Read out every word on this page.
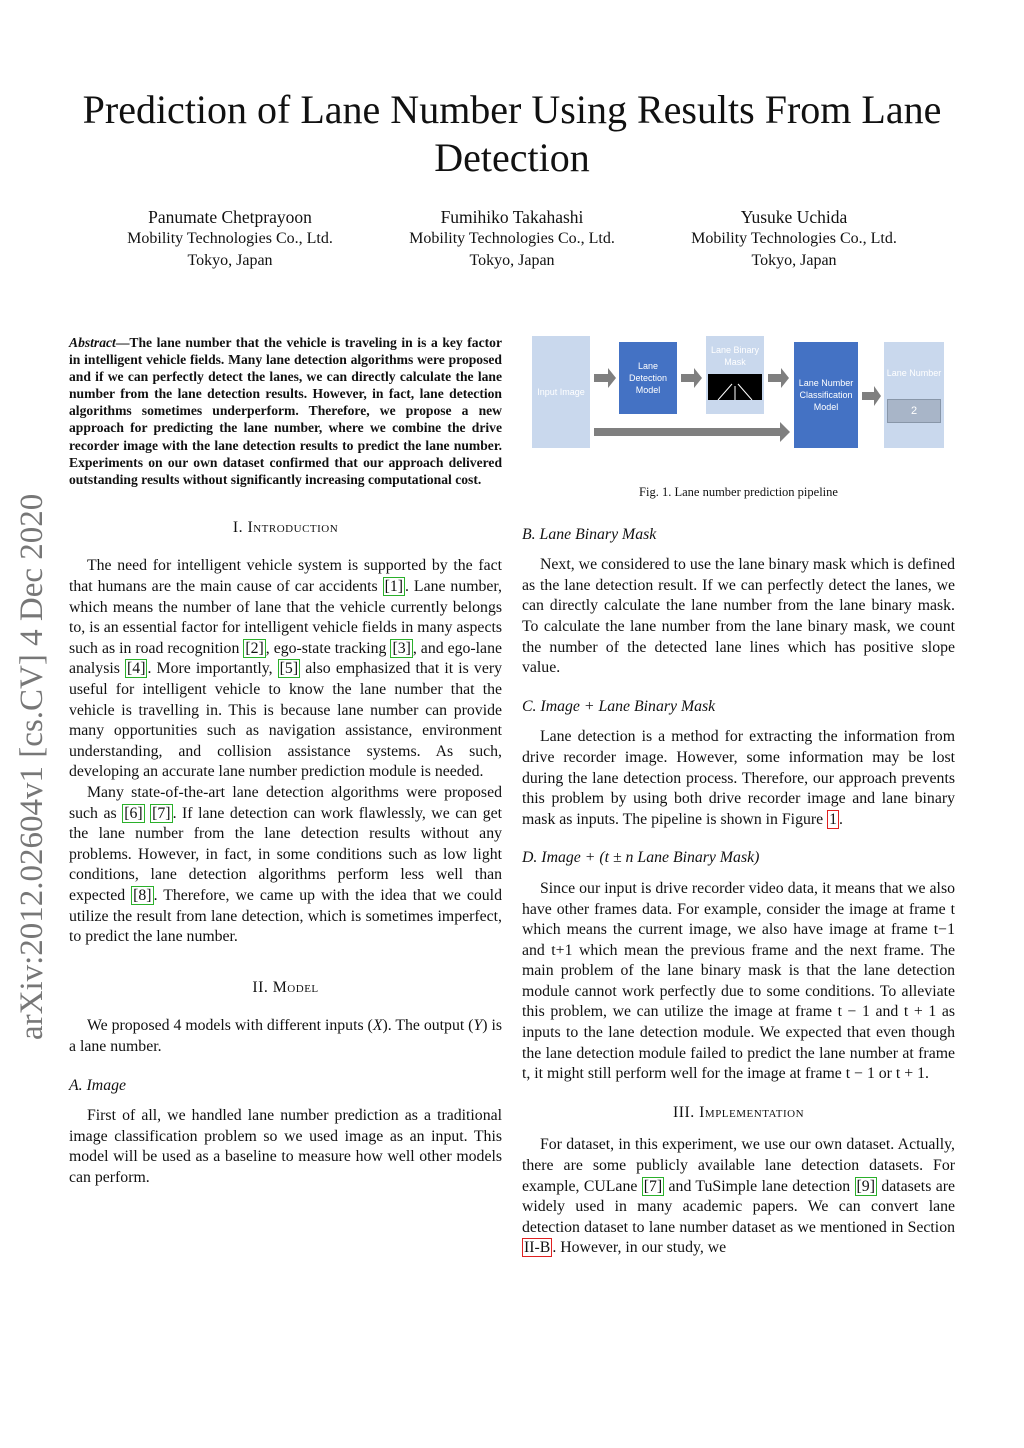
Prediction of Lane Number Using Results From Lane Detection
Panumate Chetprayoon
Mobility Technologies Co., Ltd.
Tokyo, Japan
Fumihiko Takahashi
Mobility Technologies Co., Ltd.
Tokyo, Japan
Yusuke Uchida
Mobility Technologies Co., Ltd.
Tokyo, Japan
arXiv:2012.02604v1 [cs.CV] 4 Dec 2020
Abstract—The lane number that the vehicle is traveling in is a key factor in intelligent vehicle fields. Many lane detection algorithms were proposed and if we can perfectly detect the lanes, we can directly calculate the lane number from the lane detection results. However, in fact, lane detection algorithms sometimes underperform. Therefore, we propose a new approach for predicting the lane number, where we combine the drive recorder image with the lane detection results to predict the lane number. Experiments on our own dataset confirmed that our approach delivered outstanding results without significantly increasing computational cost.
I. Introduction

The need for intelligent vehicle system is supported by the fact that humans are the main cause of car accidents [1] . Lane number, which means the number of lane that the vehicle currently belongs to, is an essential factor for intelligent vehicle fields in many aspects such as in road recognition [2] , ego-state tracking [3] , and ego-lane analysis [4] . More importantly, [5] also emphasized that it is very useful for intelligent vehicle to know the lane number that the vehicle is travelling in. This is because lane number can provide many opportunities such as navigation assistance, environment understanding, and collision assistance systems. As such, developing an accurate lane number prediction module is needed.

Many state-of-the-art lane detection algorithms were proposed such as [6] [7] . If lane detection can work flawlessly, we can get the lane number from the lane detection results without any problems. However, in fact, in some conditions such as low light conditions, lane detection algorithms perform less well than expected [8] . Therefore, we came up with the idea that we could utilize the result from lane detection, which is sometimes imperfect, to predict the lane number.

II. Model

We proposed 4 models with different inputs (X). The output (Y) is a lane number.

A. Image

First of all, we handled lane number prediction as a traditional image classification problem so we used image as an input. This model will be used as a baseline to measure how well other models can perform.

Input Image
Lane Detection Model
Lane Binary Mask
Lane Number Classification Model
Lane Number
2
Fig. 1. Lane number prediction pipeline
B. Lane Binary Mask

Next, we considered to use the lane binary mask which is defined as the lane detection result. If we can perfectly detect the lanes, we can directly calculate the lane number from the lane binary mask. To calculate the lane number from the lane binary mask, we count the number of the detected lane lines which has positive slope value.

C. Image + Lane Binary Mask

Lane detection is a method for extracting the information from drive recorder image. However, some information may be lost during the lane detection process. Therefore, our approach prevents this problem by using both drive recorder image and lane binary mask as inputs. The pipeline is shown in Figure 1 .

D. Image + (t ± n Lane Binary Mask)

Since our input is drive recorder video data, it means that we also have other frames data. For example, consider the image at frame t which means the current image, we also have image at frame t−1 and t+1 which mean the previous frame and the next frame. The main problem of the lane binary mask is that the lane detection module cannot work perfectly due to some conditions. To alleviate this problem, we can utilize the image at frame t − 1 and t + 1 as inputs to the lane detection module. We expected that even though the lane detection module failed to predict the lane number at frame t, it might still perform well for the image at frame t − 1 or t + 1.

III. Implementation

For dataset, in this experiment, we use our own dataset. Actually, there are some publicly available lane detection datasets. For example, CULane [7] and TuSimple lane detection [9] datasets are widely used in many academic papers. We can convert lane detection dataset to lane number dataset as we mentioned in Section II-B . However, in our study, we
